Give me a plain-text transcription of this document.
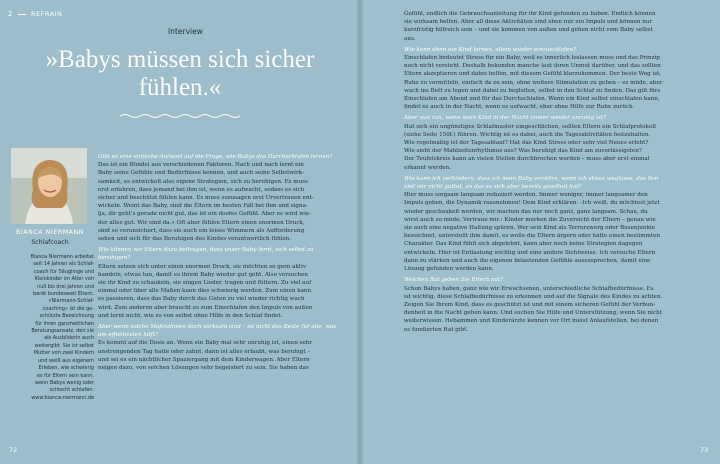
2	REFRAIN
Interview
»Babys müssen sich sicher fühlen.«
BIANCA NIERMANN
Schlafcoach
Bianca Niermann arbeitet
seit 14 Jahren als Schlaf-
coach für Säuglinge und
Kleinkinder im Alter von
null bis drei Jahren und
berät bundesweit Eltern.
»Niermann-Schlaf-
coaching« ist die ge-
schützte Bezeichnung
für ihren ganzheitlichen
Beratungsansatz, den sie
als Ausbilderin auch
weitergibt. Sie ist selbst
Mutter von zwei Kindern
und weiß aus eigenem
Erleben, wie schwierig
es für Eltern sein kann,
wenn Babys wenig oder
schlecht schlafen.
www.bianca-niermann.de
Gibt es eine einfache Antwort auf die Frage, wie Babys das Durchschlafen lernen?
Das ist ein Bündel aus verschiedenen Faktoren. Nach und nach lernt ein
Baby seine Gefühle und Bedürfnisse kennen, und auch seine Selbstwirk-
samkeit, es entwickelt also eigene Strategien, sich zu beruhigen. Es muss
erst erfahren, dass jemand bei ihm ist, wenn es aufwacht, sodass es sich
sicher und beschützt fühlen kann. Es muss sozusagen erst Urvertrauen ent-
wickeln. Weint das Baby, sind die Eltern im besten Fall bei ihm und signa-
lja, dir geht's gerade nicht gut, das ist ein doofes Gefühl. Aber es wird wie-
der alles gut. Wir sind da.« Oft aber fühlen Eltern einen enormen Druck,
sind so verunsichert, dass sie auch ein leises Wimmern als Aufforderung
sehen und sich für das Beruhigen des Kindes verantwortlich fühlen.
Wie können wir Eltern dazu beitragen, dass unser Baby lernt, sich selbst zu beruhigen?
Eltern setzen sich unter einen enormen Druck, sie möchten so gern aktiv
handeln, etwas tun, damit es ihrem Baby wieder gut geht. Also versuchen
sie ihr Kind zu schaukeln, sie singen Lieder, tragen und füttern. Zu viel auf
einmal oder über alle Maßen kann dies schwierig werden. Zum einen kann
es passieren, dass das Baby durch das Guten zu viel wieder richtig wach
wird. Zum anderen aber braucht es zum Einschlafen den Impuls von außen
und lernt nicht, wie es von selbst ohne Hilfe in den Schlaf findet.
Aber wenn solche Maßnahmen doch wirksam sind – ist nicht das Beste für alle, was am effektivsten hilft?
Es kommt auf die Dosis an. Wenn ein Baby mal sehr unruhig ist, einen sehr
anstrengenden Tag hatte oder zahnt, dann ist alles erlaubt, was beruhigt –
und sei es ein nächtlicher Spaziergang mit dem Kinderwagen. Aber Eltern
neigen dazu, von solchen Lösungen sehr begeistert zu sein. Sie haben das
Gefühl, endlich die Gebrauchsanleitung für ihr Kind gefunden zu haben. Endlich können
sie wirksam helfen. Aber all diese Aktivitäten sind eben nur ein Impuls und können nur
kurzfristig hilfreich sein – und sie kommen von außen und gehen nicht vom Baby selbst
aus.
Wie kann denn ein Kind lernen, allein wieder einzuschlafen?
Einschlafen bedeutet Stress für ein Baby, weil es innerlich loslassen muss und das Prinzip
noch nicht versteht. Deshalb bekunden manche laut ihren Unmut darüber, und das sollten
Eltern akzeptieren und dabei helfen, mit diesem Gefühl klarzukommen. Der beste Weg ist,
Ruhe zu vermitteln, einfach da zu sein, ohne weitere Stimulation zu geben – es müde, aber
wach ins Bett zu legen und dabei zu begleiten, selbst in den Schlaf zu finden. Das gilt fürs
Einschlafen am Abend und für das Durchschlafen. Wenn ein Kind selbst einschlafen kann,
findet es auch in der Nacht, wenn es aufwacht, eher ohne Hilfe zur Ruhe zurück.
Aber was tun, wenn mein Kind in der Nacht immer wieder unruhig ist?
Hat sich ein ungünstiges Schlafmuster eingeschlichen, sollten Eltern ein Schlafprotokoll
(siehe Seite 150f.) führen. Wichtig ist es dabei, auch die Tagesaktivitäten festzuhalten.
Wie regelmäßig ist der Tagesablauf? Hat das Kind Stress oder sehr viel Neues erlebt?
Wie sieht der Mahlzeitenrhythmus aus? Was beruhigt das Kind am zuverlässigsten?
Der Teufelskreis kann an vielen Stellen durchbrochen werden – muss aber erst einmal
erkannt werden.
Wie kann ich verhindern, dass ich mein Baby verstöre, wenn ich etwas weglasse, das ihm und mir nicht guttut, an das es sich aber bereits gewöhnt hat?
Hier muss sorgsam langsam reduziert werden. Immer weniger, immer langsamer den
Impuls geben, die Dynamik rausnehmen! Dem Kind erklären: ›Ich weiß, du möchtest jetzt
wieder geschaukelt werden, wir machen das nur noch ganz, ganz langsam. Schau, du
wirst auch so müde. Vertraue mir.‹ Kinder merken die Zuversicht der Eltern – genau wie
sie auch eine negative Haltung spüren. Wer sein Kind als Terrorzwerg oder Busenjunkie
bezeichnet, unterstellt ihm damit, es wolle die Eltern ärgern oder hätte einen bestimmten
Charakter. Das Kind fühlt sich abgelehnt, kann aber noch keine Strategien dagegen
entwickeln. Hier ist Entlastung wichtig und eine andere Sichtweise. Ich versuche Eltern
dann zu stärken und auch die eigenen belastenden Gefühle auszusprechen, damit eine
Lösung gefunden werden kann.
Welchen Rat geben Sie Eltern mit?
Schon Babys haben, ganz wie wir Erwachsenen, unterschiedliche Schlafbedürfnisse. Es
ist wichtig, diese Schlafbedürfnisse zu erkennen und auf die Signale des Kindes zu achten.
Zeigen Sie Ihrem Kind, dass es geschützt ist und mit einem sicheren Gefühl der Verbun-
denheit in die Nacht gehen kann. Und suchen Sie Hilfe und Unterstützung, wenn Sie nicht
weiterwissen. Hebammen und Kinderärzte kennen vor Ort meist Anlaufstellen, bei denen
es fundierten Rat gibt.
72	73
